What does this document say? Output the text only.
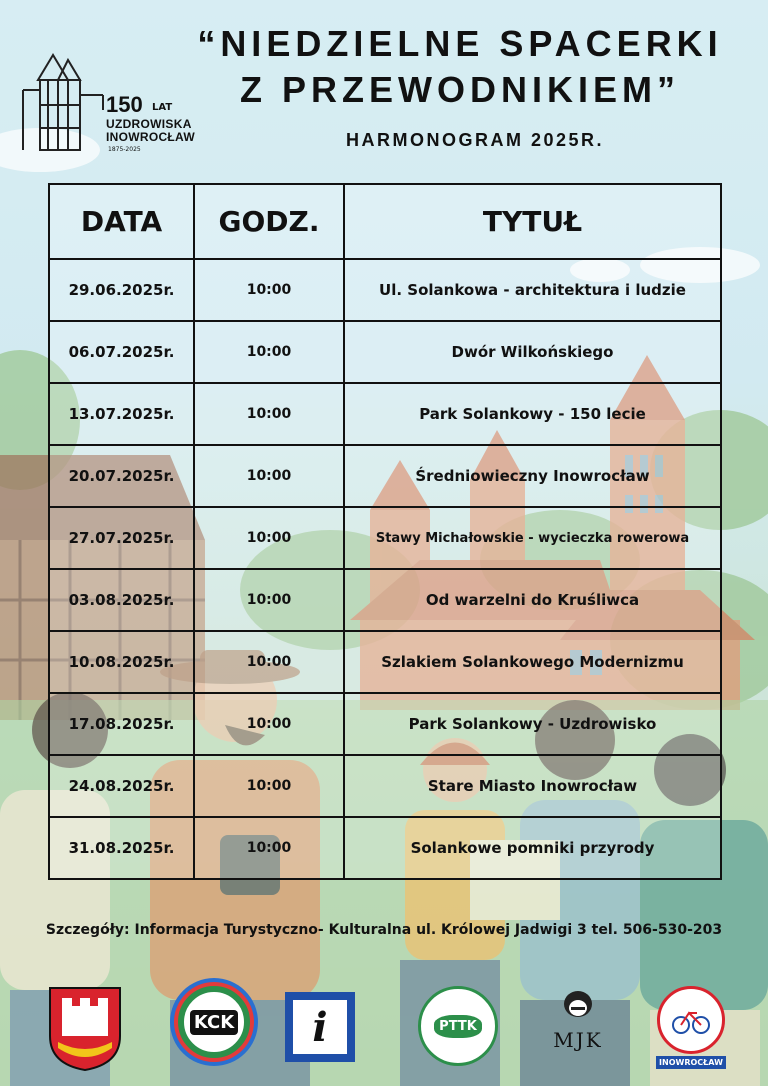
150 LAT
UZDROWISKA
INOWROCŁAW
1875-2025
“NIEDZIELNE SPACERKI
Z PRZEWODNIKIEM”
HARMONOGRAM 2025R.
DATA	GODZ.	TYTUŁ
29.06.2025r.	10:00	Ul. Solankowa - architektura i ludzie
06.07.2025r.	10:00	Dwór Wilkońskiego
13.07.2025r.	10:00	Park Solankowy - 150 lecie
20.07.2025r.	10:00	Średniowieczny Inowrocław
27.07.2025r.	10:00	Stawy Michałowskie - wycieczka rowerowa
03.08.2025r.	10:00	Od warzelni do Kruśliwca
10.08.2025r.	10:00	Szlakiem Solankowego Modernizmu
17.08.2025r.	10:00	Park Solankowy - Uzdrowisko
24.08.2025r.	10:00	Stare Miasto Inowrocław
31.08.2025r.	10:00	Solankowe pomniki przyrody
Szczegóły: Informacja Turystyczno- Kulturalna ul. Królowej Jadwigi 3 tel. 506-530-203
KCK i	PTTK
MJK
INOWROCŁAW
